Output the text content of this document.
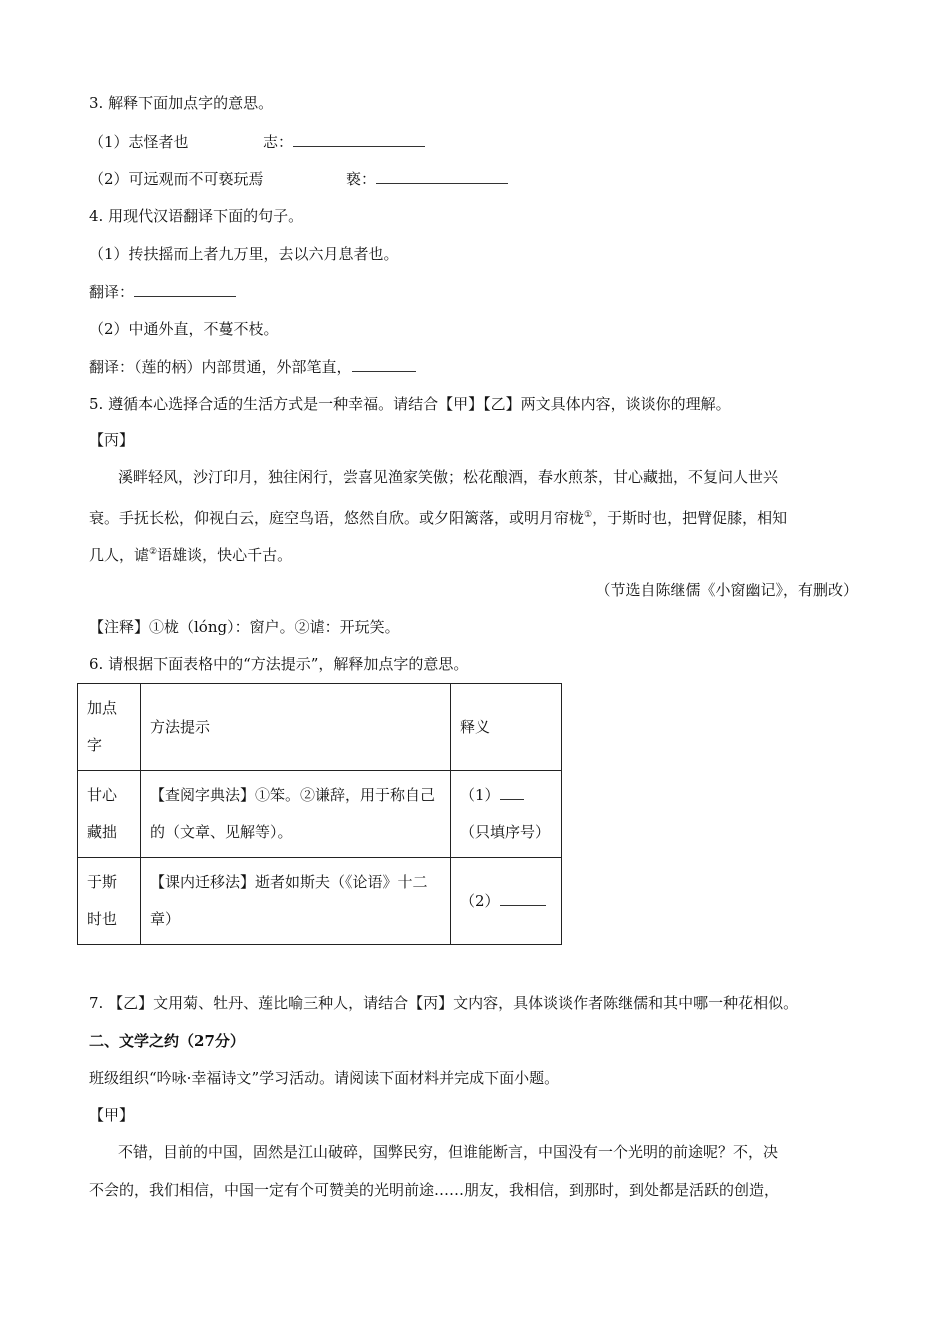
3. 解释下面加点字的意思。
（1）志怪者也	志：
（2）可远观而不可亵玩焉	亵：
4. 用现代汉语翻译下面的句子。
（1）抟扶摇而上者九万里，去以六月息者也。
翻译：
（2）中通外直，不蔓不枝。
翻译：（莲的柄）内部贯通，外部笔直，
5. 遵循本心选择合适的生活方式是一种幸福。请结合【甲】【乙】两文具体内容，谈谈你的理解。
【丙】
溪畔轻风，沙汀印月，独往闲行，尝喜见渔家笑傲；松花酿酒，春水煎茶，甘心藏拙，不复问人世兴
衰。手抚长松，仰视白云，庭空鸟语，悠然自欣。或夕阳篱落，或明月帘栊①，于斯时也，把臂促膝，相知
几人，谑②语雄谈，快心千古。
（节选自陈继儒《小窗幽记》，有删改）
【注释】①栊（lóng）：窗户。②谑：开玩笑。
6. 请根据下面表格中的“方法提示”，解释加点字的意思。
加点字	方法提示	释义
甘心藏拙	【查阅字典法】①笨。②谦辞，用于称自己的（文章、见解等）。	（1）（只填序号）
于斯时也	【课内迁移法】逝者如斯夫（《论语》十二章）	（2）
7. 【乙】文用菊、牡丹、莲比喻三种人，请结合【丙】文内容，具体谈谈作者陈继儒和其中哪一种花相似。
二、文学之约（27分）
班级组织“吟咏·幸福诗文”学习活动。请阅读下面材料并完成下面小题。
【甲】
不错，目前的中国，固然是江山破碎，国弊民穷，但谁能断言，中国没有一个光明的前途呢？不，决
不会的，我们相信，中国一定有个可赞美的光明前途……朋友，我相信，到那时，到处都是活跃的创造，
